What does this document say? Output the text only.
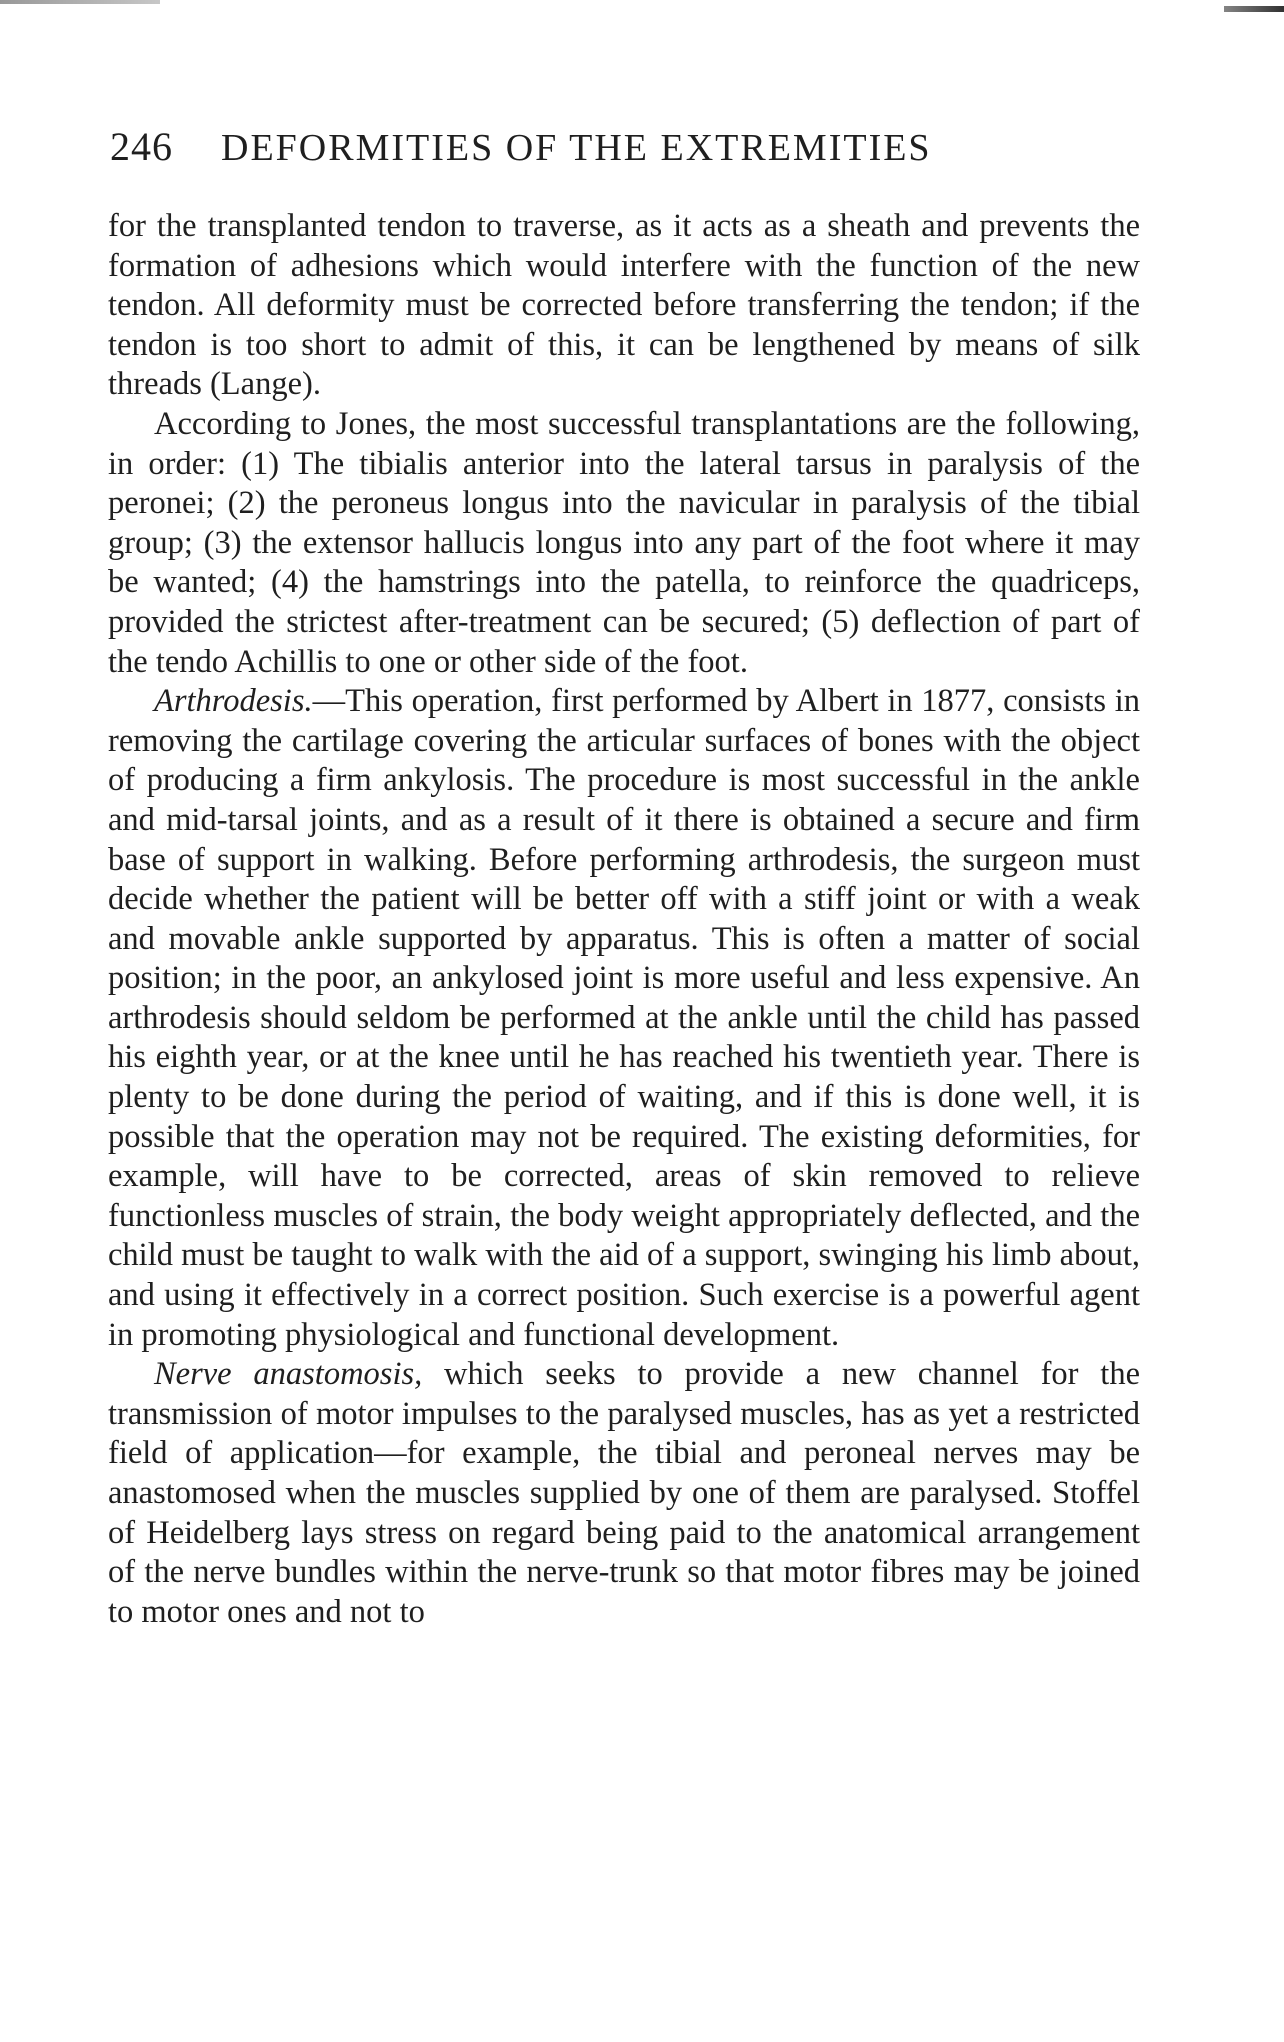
246 DEFORMITIES OF THE EXTREMITIES

for the transplanted tendon to traverse, as it acts as a sheath and prevents the formation of adhesions which would interfere with the function of the new tendon. All deformity must be corrected before transferring the tendon; if the tendon is too short to admit of this, it can be lengthened by means of silk threads (Lange).

According to Jones, the most successful transplantations are the following, in order: (1) The tibialis anterior into the lateral tarsus in paralysis of the peronei; (2) the peroneus longus into the navicular in paralysis of the tibial group; (3) the extensor hallucis longus into any part of the foot where it may be wanted; (4) the hamstrings into the patella, to reinforce the quadriceps, provided the strictest after-treatment can be secured; (5) deflection of part of the tendo Achillis to one or other side of the foot.

Arthrodesis.—This operation, first performed by Albert in 1877, consists in removing the cartilage covering the articular surfaces of bones with the object of producing a firm ankylosis. The procedure is most successful in the ankle and mid-tarsal joints, and as a result of it there is obtained a secure and firm base of support in walking. Before performing arthrodesis, the surgeon must decide whether the patient will be better off with a stiff joint or with a weak and movable ankle supported by apparatus. This is often a matter of social position; in the poor, an ankylosed joint is more useful and less expensive. An arthrodesis should seldom be performed at the ankle until the child has passed his eighth year, or at the knee until he has reached his twentieth year. There is plenty to be done during the period of waiting, and if this is done well, it is possible that the operation may not be required. The existing deformities, for example, will have to be corrected, areas of skin removed to relieve functionless muscles of strain, the body weight appropriately deflected, and the child must be taught to walk with the aid of a support, swinging his limb about, and using it effectively in a correct position. Such exercise is a powerful agent in promoting physiological and functional development.

Nerve anastomosis, which seeks to provide a new channel for the transmission of motor impulses to the paralysed muscles, has as yet a restricted field of application—for example, the tibial and peroneal nerves may be anastomosed when the muscles supplied by one of them are paralysed. Stoffel of Heidelberg lays stress on regard being paid to the anatomical arrangement of the nerve bundles within the nerve-trunk so that motor fibres may be joined to motor ones and not to
